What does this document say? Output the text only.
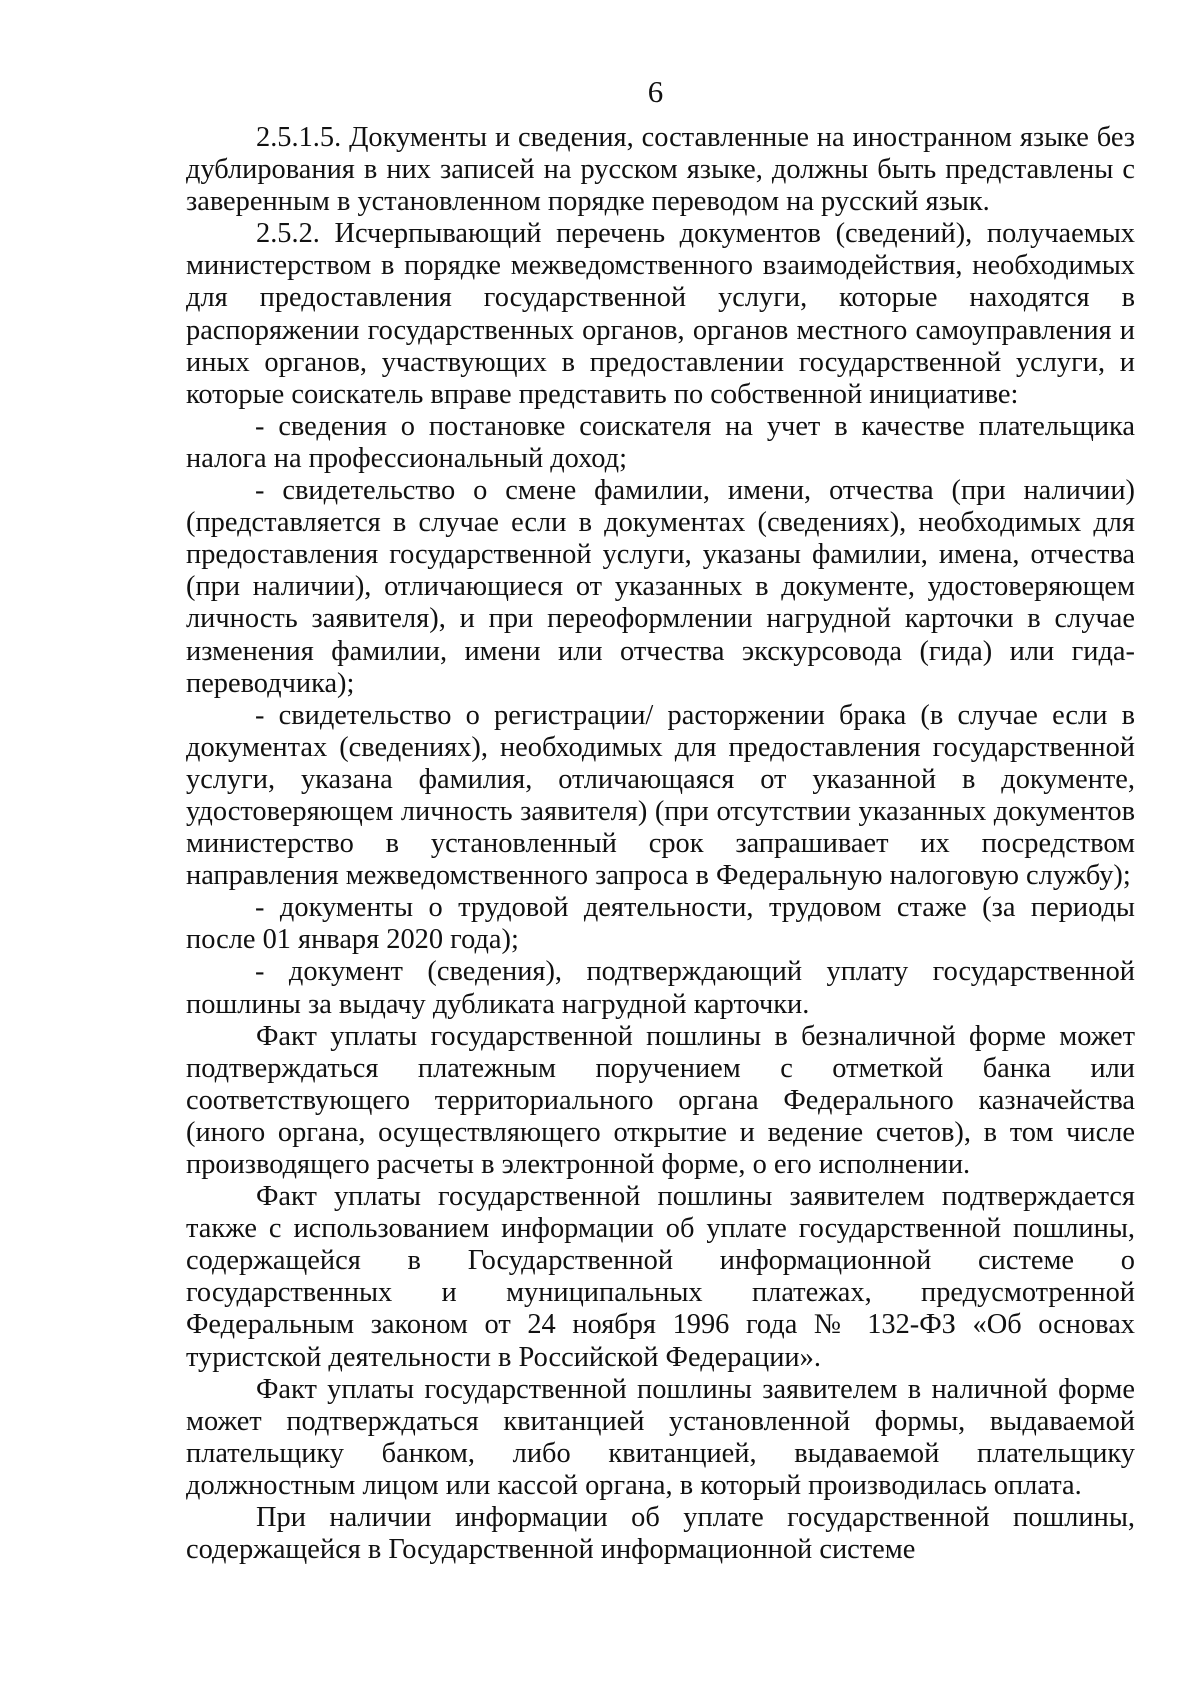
6

2.5.1.5. Документы и сведения, составленные на иностранном языке без дублирования в них записей на русском языке, должны быть представлены с заверенным в установленном порядке переводом на русский язык.

2.5.2. Исчерпывающий перечень документов (сведений), получаемых министерством в порядке межведомственного взаимодействия, необходимых для предоставления государственной услуги, которые находятся в распоряжении государственных органов, органов местного самоуправления и иных органов, участвующих в предоставлении государственной услуги, и которые соискатель вправе представить по собственной инициативе:

- сведения о постановке соискателя на учет в качестве плательщика налога на профессиональный доход;

- свидетельство о смене фамилии, имени, отчества (при наличии) (представляется в случае если в документах (сведениях), необходимых для предоставления государственной услуги, указаны фамилии, имена, отчества (при наличии), отличающиеся от указанных в документе, удостоверяющем личность заявителя), и при переоформлении нагрудной карточки в случае изменения фамилии, имени или отчества экскурсовода (гида) или гида-переводчика);

- свидетельство о регистрации/ расторжении брака (в случае если в документах (сведениях), необходимых для предоставления государственной услуги, указана фамилия, отличающаяся от указанной в документе, удостоверяющем личность заявителя) (при отсутствии указанных документов министерство в установленный срок запрашивает их посредством направления межведомственного запроса в Федеральную налоговую службу);

- документы о трудовой деятельности, трудовом стаже (за периоды после 01 января 2020 года);

- документ (сведения), подтверждающий уплату государственной пошлины за выдачу дубликата нагрудной карточки.

Факт уплаты государственной пошлины в безналичной форме может подтверждаться платежным поручением с отметкой банка или соответствующего территориального органа Федерального казначейства (иного органа, осуществляющего открытие и ведение счетов), в том числе производящего расчеты в электронной форме, о его исполнении.

Факт уплаты государственной пошлины заявителем подтверждается также с использованием информации об уплате государственной пошлины, содержащейся в Государственной информационной системе о государственных и муниципальных платежах, предусмотренной Федеральным законом от 24 ноября 1996 года № 132-ФЗ «Об основах туристской деятельности в Российской Федерации».

Факт уплаты государственной пошлины заявителем в наличной форме может подтверждаться квитанцией установленной формы, выдаваемой плательщику банком, либо квитанцией, выдаваемой плательщику должностным лицом или кассой органа, в который производилась оплата.

При наличии информации об уплате государственной пошлины, содержащейся в Государственной информационной системе
